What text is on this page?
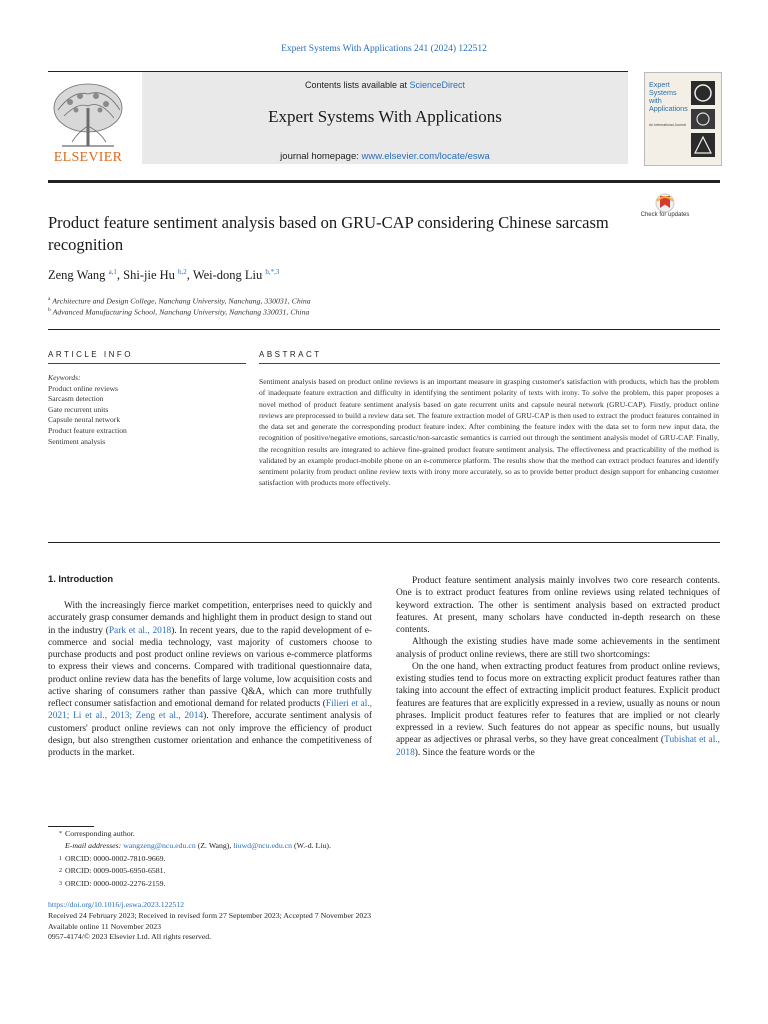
Expert Systems With Applications 241 (2024) 122512
ELSEVIER
Contents lists available at ScienceDirect
Expert Systems With Applications
journal homepage: www.elsevier.com/locate/eswa
Expert Systems with Applications
An International Journal
Product feature sentiment analysis based on GRU-CAP considering Chinese sarcasm recognition
Check for updates
Zeng Wang $^{a,1}$, Shi-jie Hu $^{b,2}$, Wei-dong Liu $^{b,*,3}$
$^a$ Architecture and Design College, Nanchang University, Nanchang, 330031, China
$^b$ Advanced Manufacturing School, Nanchang University, Nanchang 330031, China
ARTICLE INFO	ABSTRACT
Keywords:
Product online reviews
Sarcasm detection
Gate recurrent units
Capsule neural network
Product feature extraction
Sentiment analysis
Sentiment analysis based on product online reviews is an important measure in grasping customer's satisfaction with products, which has the problem of inadequate feature extraction and difficulty in identifying the sentiment polarity of texts with irony. To solve the problem, this paper proposes a novel method of product feature sentiment analysis based on gate recurrent units and capsule neural network (GRU-CAP). Firstly, product online reviews are preprocessed to build a review data set. The feature extraction model of GRU-CAP is then used to extract the product features contained in the data set and generate the corresponding product feature index. After combining the feature index with the data set to form new input data, the recognition of positive/negative emotions, sarcastic/non-sarcastic semantics is carried out through the sentiment analysis model of GRU-CAP. Finally, the recognition results are integrated to achieve fine-grained product feature sentiment analysis. The effectiveness and practicability of the method is validated by an example product-mobile phone on an e-commerce platform. The results show that the method can extract product features and identify sentiment polarity from product online review texts with irony more accurately, so as to provide better product design support for enhancing customer satisfaction with products more effectively.
1. Introduction

With the increasingly fierce market competition, enterprises need to quickly and accurately grasp consumer demands and highlight them in product design to stand out in the industry (Park et al., 2018). In recent years, due to the rapid development of e-commerce and social media technology, vast majority of customers choose to purchase products and post product online reviews on various e-commerce platforms to express their views and concerns. Compared with traditional questionnaire data, product online review data has the benefits of large volume, low acquisition costs and active sharing of consumers rather than passive Q&A, which can more truthfully reflect consumer satisfaction and emotional demand for related products (Filieri et al., 2021; Li et al., 2013; Zeng et al., 2014). Therefore, accurate sentiment analysis of customers' product online reviews can not only improve the efficiency of product design, but also strengthen customer orientation and enhance the competitiveness of products in the market.

Product feature sentiment analysis mainly involves two core research contents. One is to extract product features from online reviews using related techniques of keyword extraction. The other is sentiment analysis based on extracted product features. At present, many scholars have conducted in-depth research on these contents.

Although the existing studies have made some achievements in the sentiment analysis of product online reviews, there are still two shortcomings:

On the one hand, when extracting product features from product online reviews, existing studies tend to focus more on extracting explicit product features rather than taking into account the effect of extracting implicit product features. Explicit product features are features that are explicitly expressed in a review, usually as nouns or noun phrases. Implicit product features refer to features that are implied or not clearly expressed in a review. Such features do not appear as specific nouns, but usually appear as adjectives or phrasal verbs, so they have great concealment (Tubishat et al., 2018). Since the feature words or the

* Corresponding author.
E-mail addresses: wangzeng@ncu.edu.cn (Z. Wang), liuwd@ncu.edu.cn (W.-d. Liu).
1 ORCID: 0000-0002-7810-9669.
2 ORCID: 0009-0005-6950-6581.
3 ORCID: 0000-0002-2276-2159.
https://doi.org/10.1016/j.eswa.2023.122512
Received 24 February 2023; Received in revised form 27 September 2023; Accepted 7 November 2023
Available online 11 November 2023
0957-4174/© 2023 Elsevier Ltd. All rights reserved.
